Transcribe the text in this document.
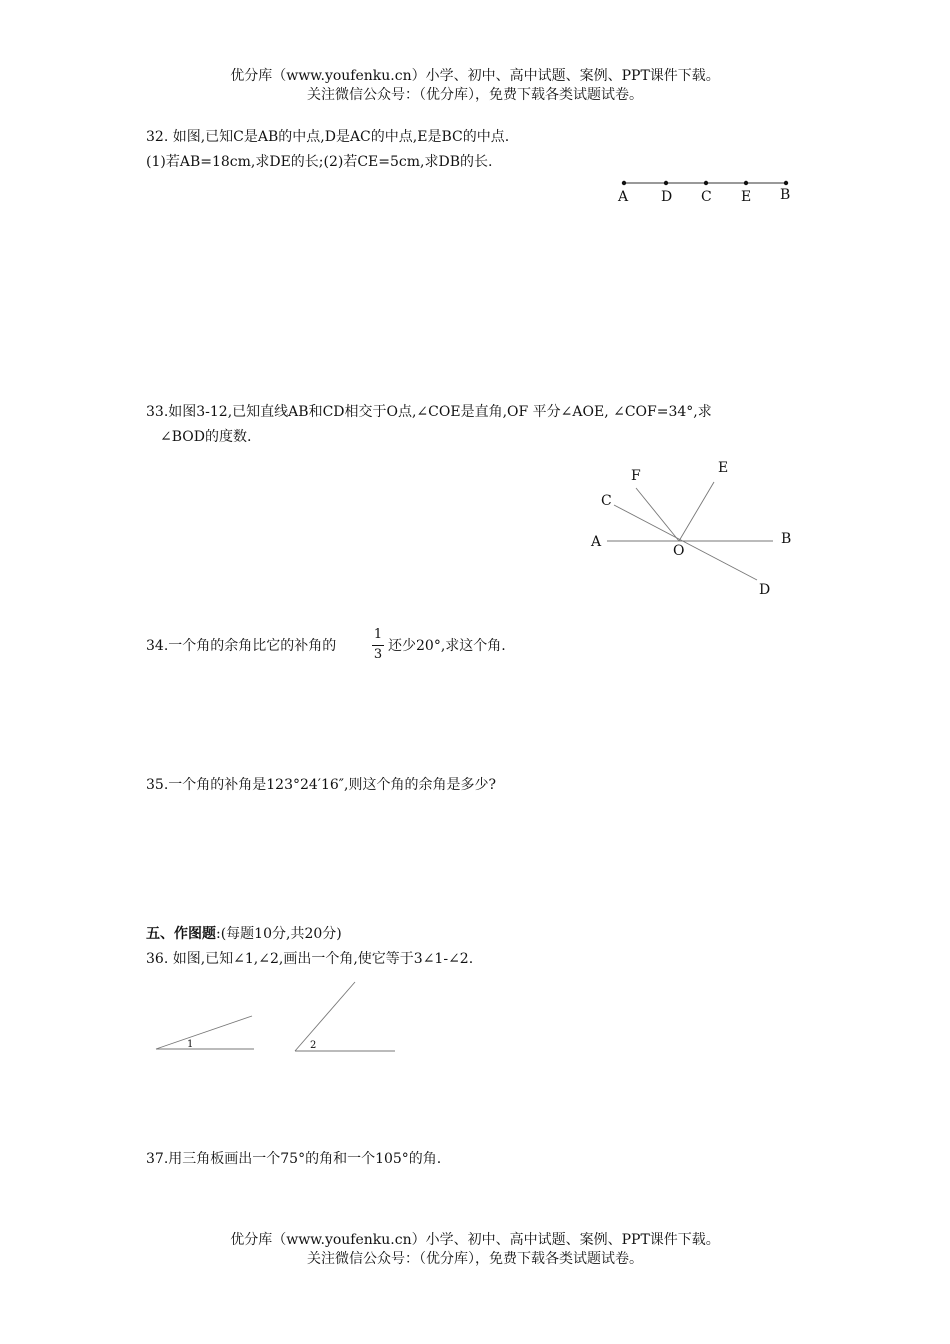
优分库（www.youfenku.cn）小学、初中、高中试题、案例、PPT课件下载。
关注微信公众号：（优分库），免费下载各类试题试卷。
32. 如图,已知C是AB的中点,D是AC的中点,E是BC的中点.
(1)若AB=18cm,求DE的长;(2)若CE=5cm,求DB的长.
A D C E B
33.如图3-12,已知直线AB和CD相交于O点,∠COE是直角,OF 平分∠AOE, ∠COF=34°,求
∠BOD的度数.
F	E
C
A
O
B
D
34.一个角的余角比它的补角的
1
3
还少20°,求这个角.
35.一个角的补角是123°24′16″,则这个角的余角是多少?
五、作图题:(每题10分,共20分)
36. 如图,已知∠1,∠2,画出一个角,使它等于3∠1-∠2.
1	2
37.用三角板画出一个75°的角和一个105°的角.
优分库（www.youfenku.cn）小学、初中、高中试题、案例、PPT课件下载。
关注微信公众号：（优分库），免费下载各类试题试卷。
